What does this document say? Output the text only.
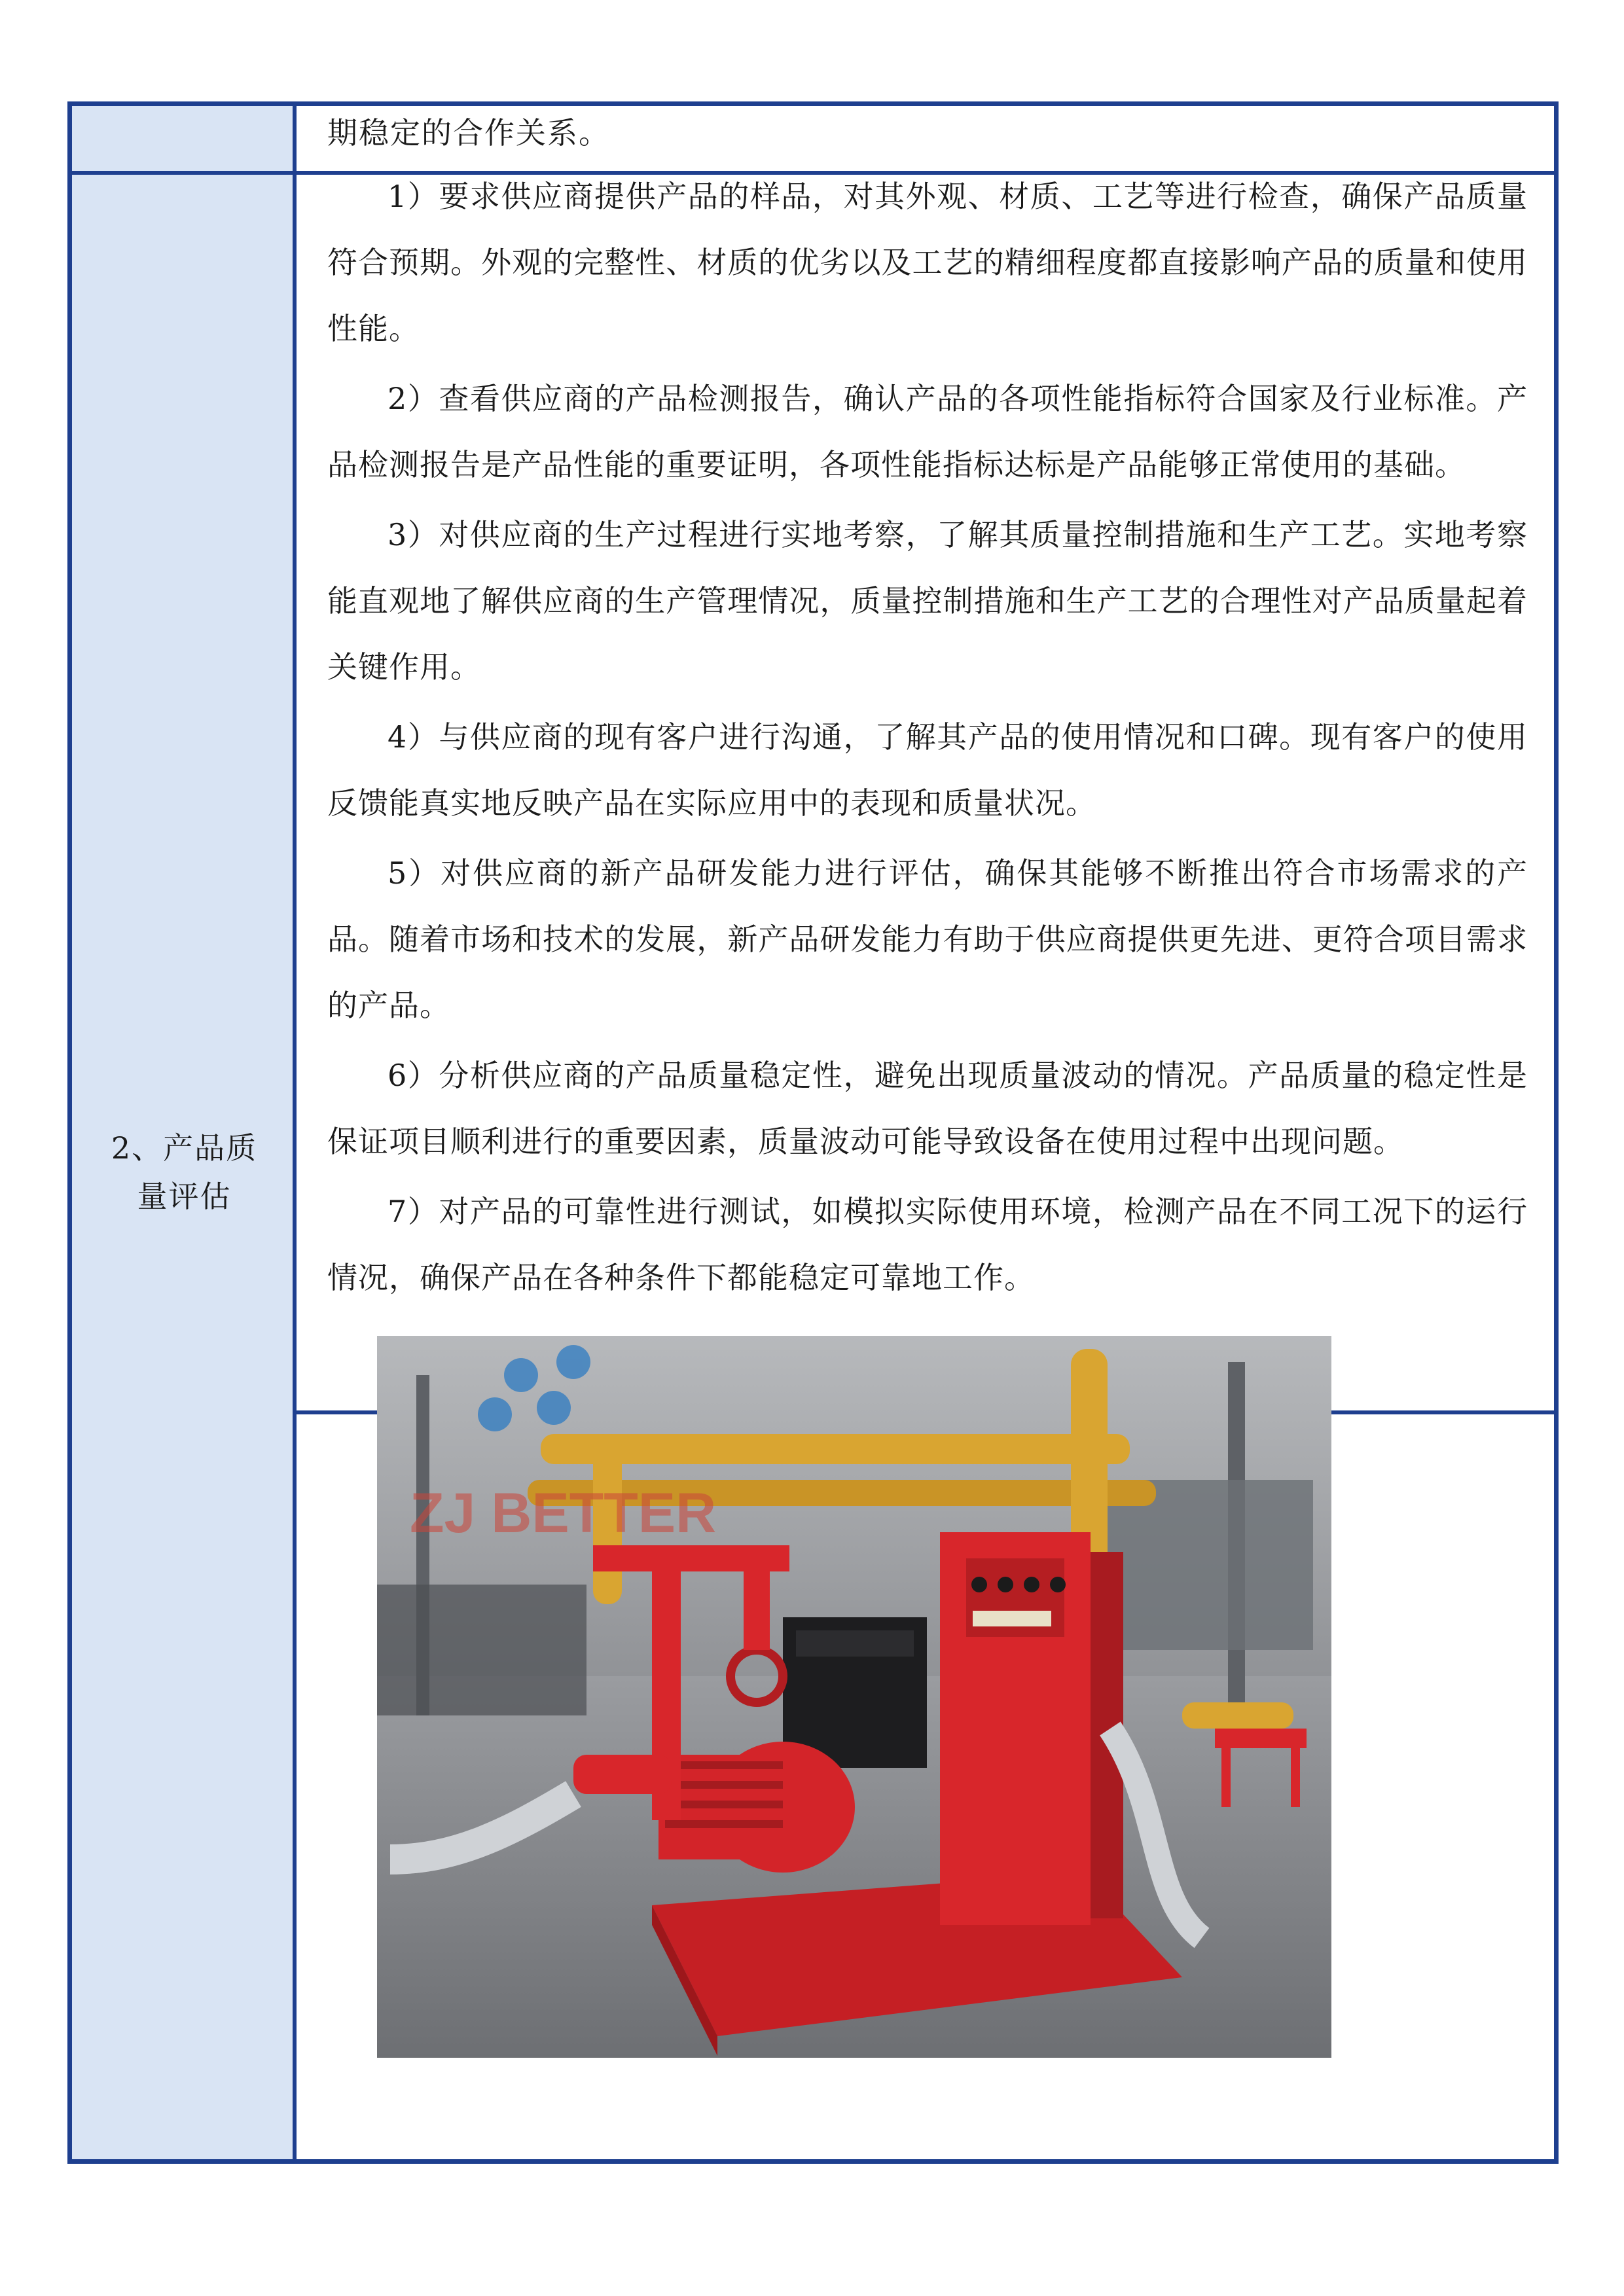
期稳定的合作关系。
2、产品质
量评估

1）要求供应商提供产品的样品，对其外观、材质、工艺等进行检查，确保产品质量符合预期。外观的完整性、材质的优劣以及工艺的精细程度都直接影响产品的质量和使用性能。

2）查看供应商的产品检测报告，确认产品的各项性能指标符合国家及行业标准。产品检测报告是产品性能的重要证明，各项性能指标达标是产品能够正常使用的基础。

3）对供应商的生产过程进行实地考察，了解其质量控制措施和生产工艺。实地考察能直观地了解供应商的生产管理情况，质量控制措施和生产工艺的合理性对产品质量起着关键作用。

4）与供应商的现有客户进行沟通，了解其产品的使用情况和口碑。现有客户的使用反馈能真实地反映产品在实际应用中的表现和质量状况。

5）对供应商的新产品研发能力进行评估，确保其能够不断推出符合市场需求的产品。随着市场和技术的发展，新产品研发能力有助于供应商提供更先进、更符合项目需求的产品。

6）分析供应商的产品质量稳定性，避免出现质量波动的情况。产品质量的稳定性是保证项目顺利进行的重要因素，质量波动可能导致设备在使用过程中出现问题。

7）对产品的可靠性进行测试，如模拟实际使用环境，检测产品在不同工况下的运行情况，确保产品在各种条件下都能稳定可靠地工作。

ZJ BETTER
